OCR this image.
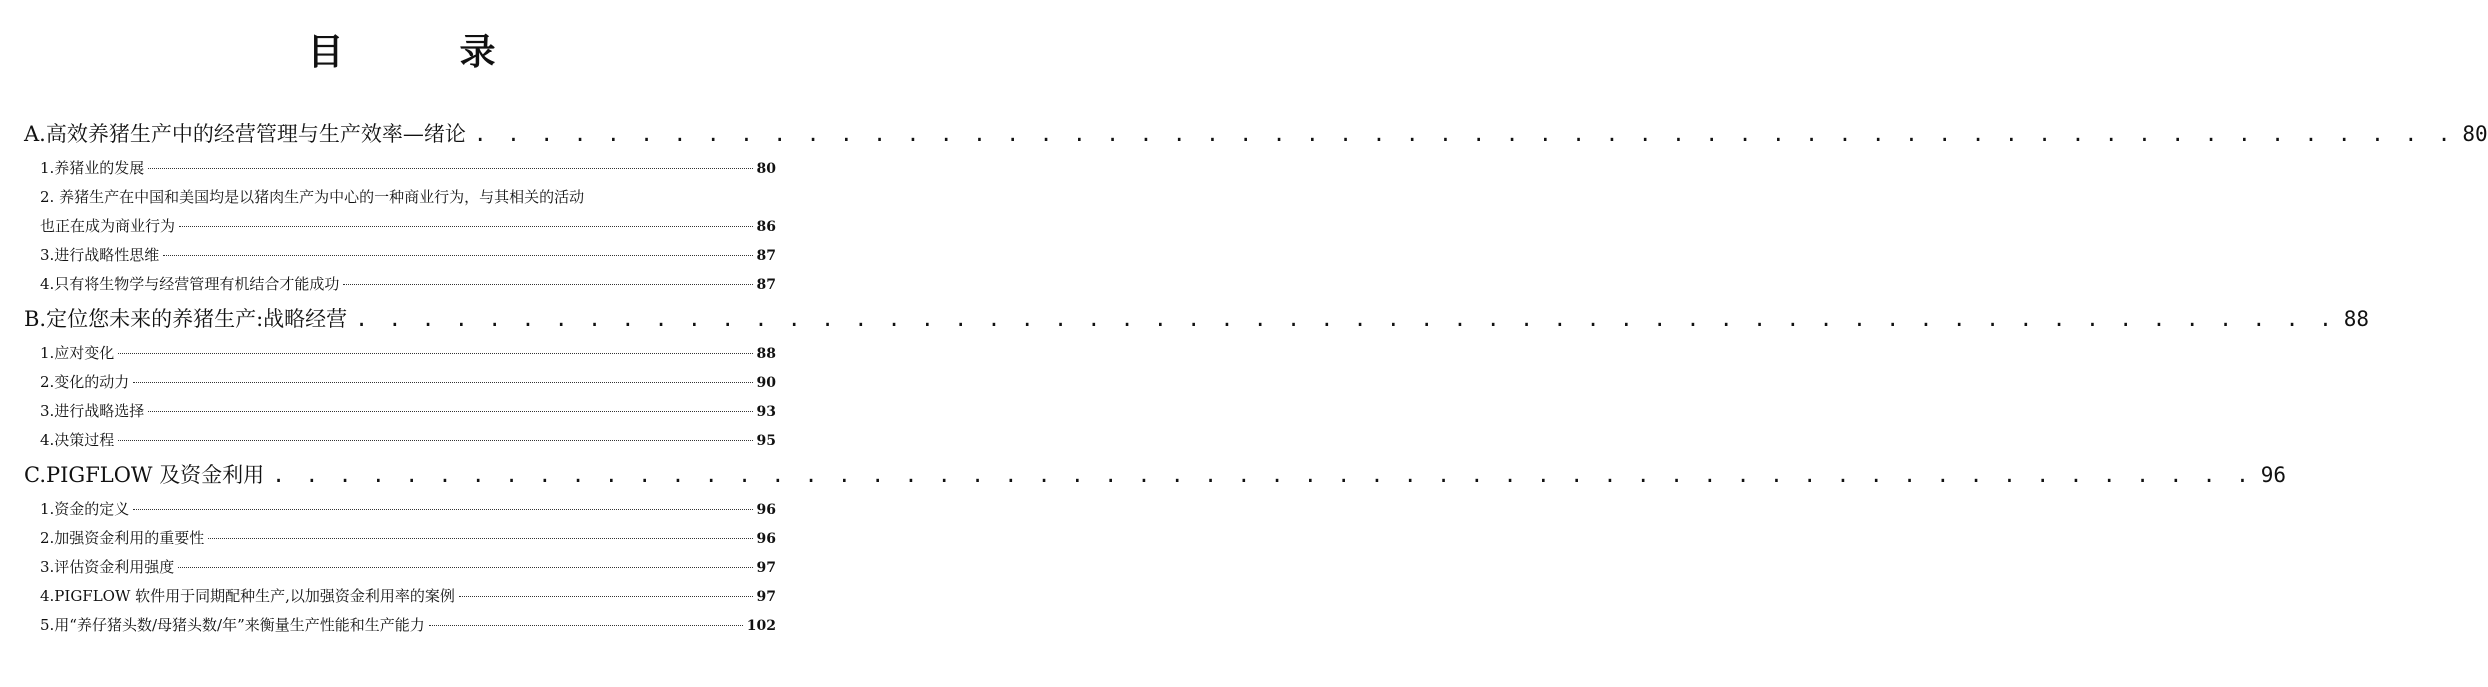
目　录
A.高效养猪生产中的经营管理与生产效率—绪论 . . . . . . . . . . . . . . . . . . . . . . . . . . . . . . . . . . . . . . . . . . . . . . . . . . . . . . . . . . . . 80
1.养猪业的发展	80
2. 养猪生产在中国和美国均是以猪肉生产为中心的一种商业行为，与其相关的活动
也正在成为商业行为	86
3.进行战略性思维	87
4.只有将生物学与经营管理有机结合才能成功	87
B.定位您未来的养猪生产:战略经营 . . . . . . . . . . . . . . . . . . . . . . . . . . . . . . . . . . . . . . . . . . . . . . . . . . . . . . . . . . . . 88
1.应对变化	88
2.变化的动力	90
3.进行战略选择	93
4.决策过程	95
C.PIGFLOW 及资金利用 . . . . . . . . . . . . . . . . . . . . . . . . . . . . . . . . . . . . . . . . . . . . . . . . . . . . . . . . . . . . 96
1.资金的定义	96
2.加强资金利用的重要性	96
3.评估资金利用强度	97
4.PIGFLOW 软件用于同期配种生产,以加强资金利用率的案例	97
5.用“养仔猪头数/母猪头数/年”来衡量生产性能和生产能力	102
